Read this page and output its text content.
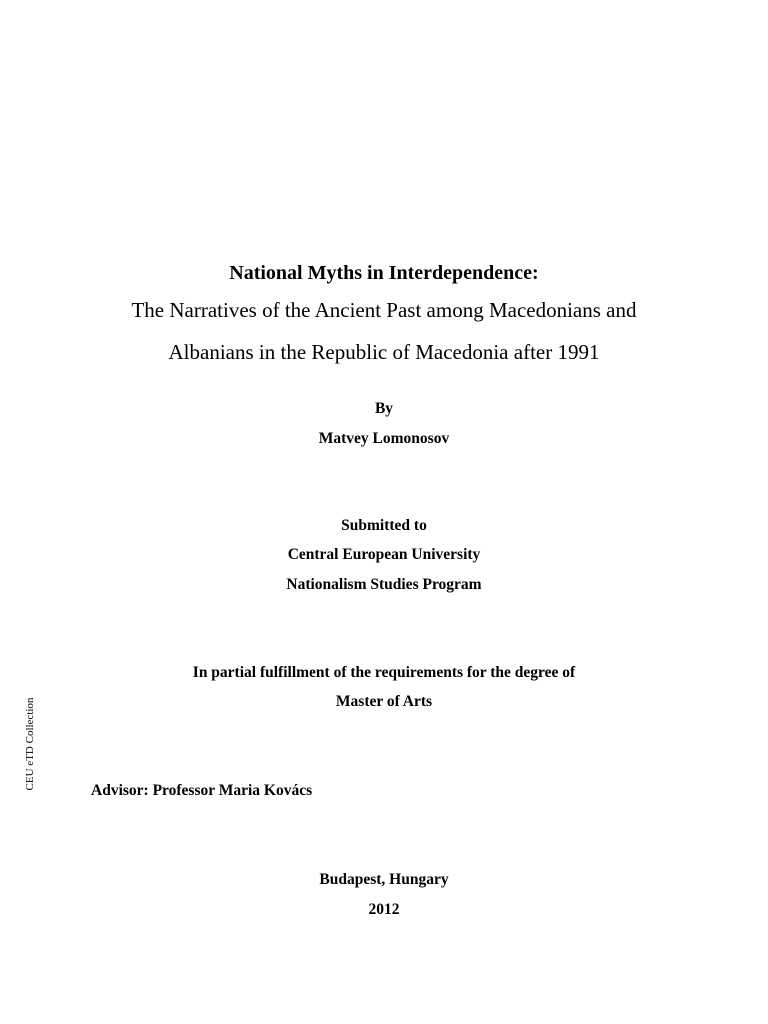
National Myths in Interdependence:
The Narratives of the Ancient Past among Macedonians and
Albanians in the Republic of Macedonia after 1991
By
Matvey Lomonosov
Submitted to
Central European University
Nationalism Studies Program
In partial fulfillment of the requirements for the degree of
Master of Arts
Advisor: Professor Maria Kovács
Budapest, Hungary
2012
CEU eTD Collection
